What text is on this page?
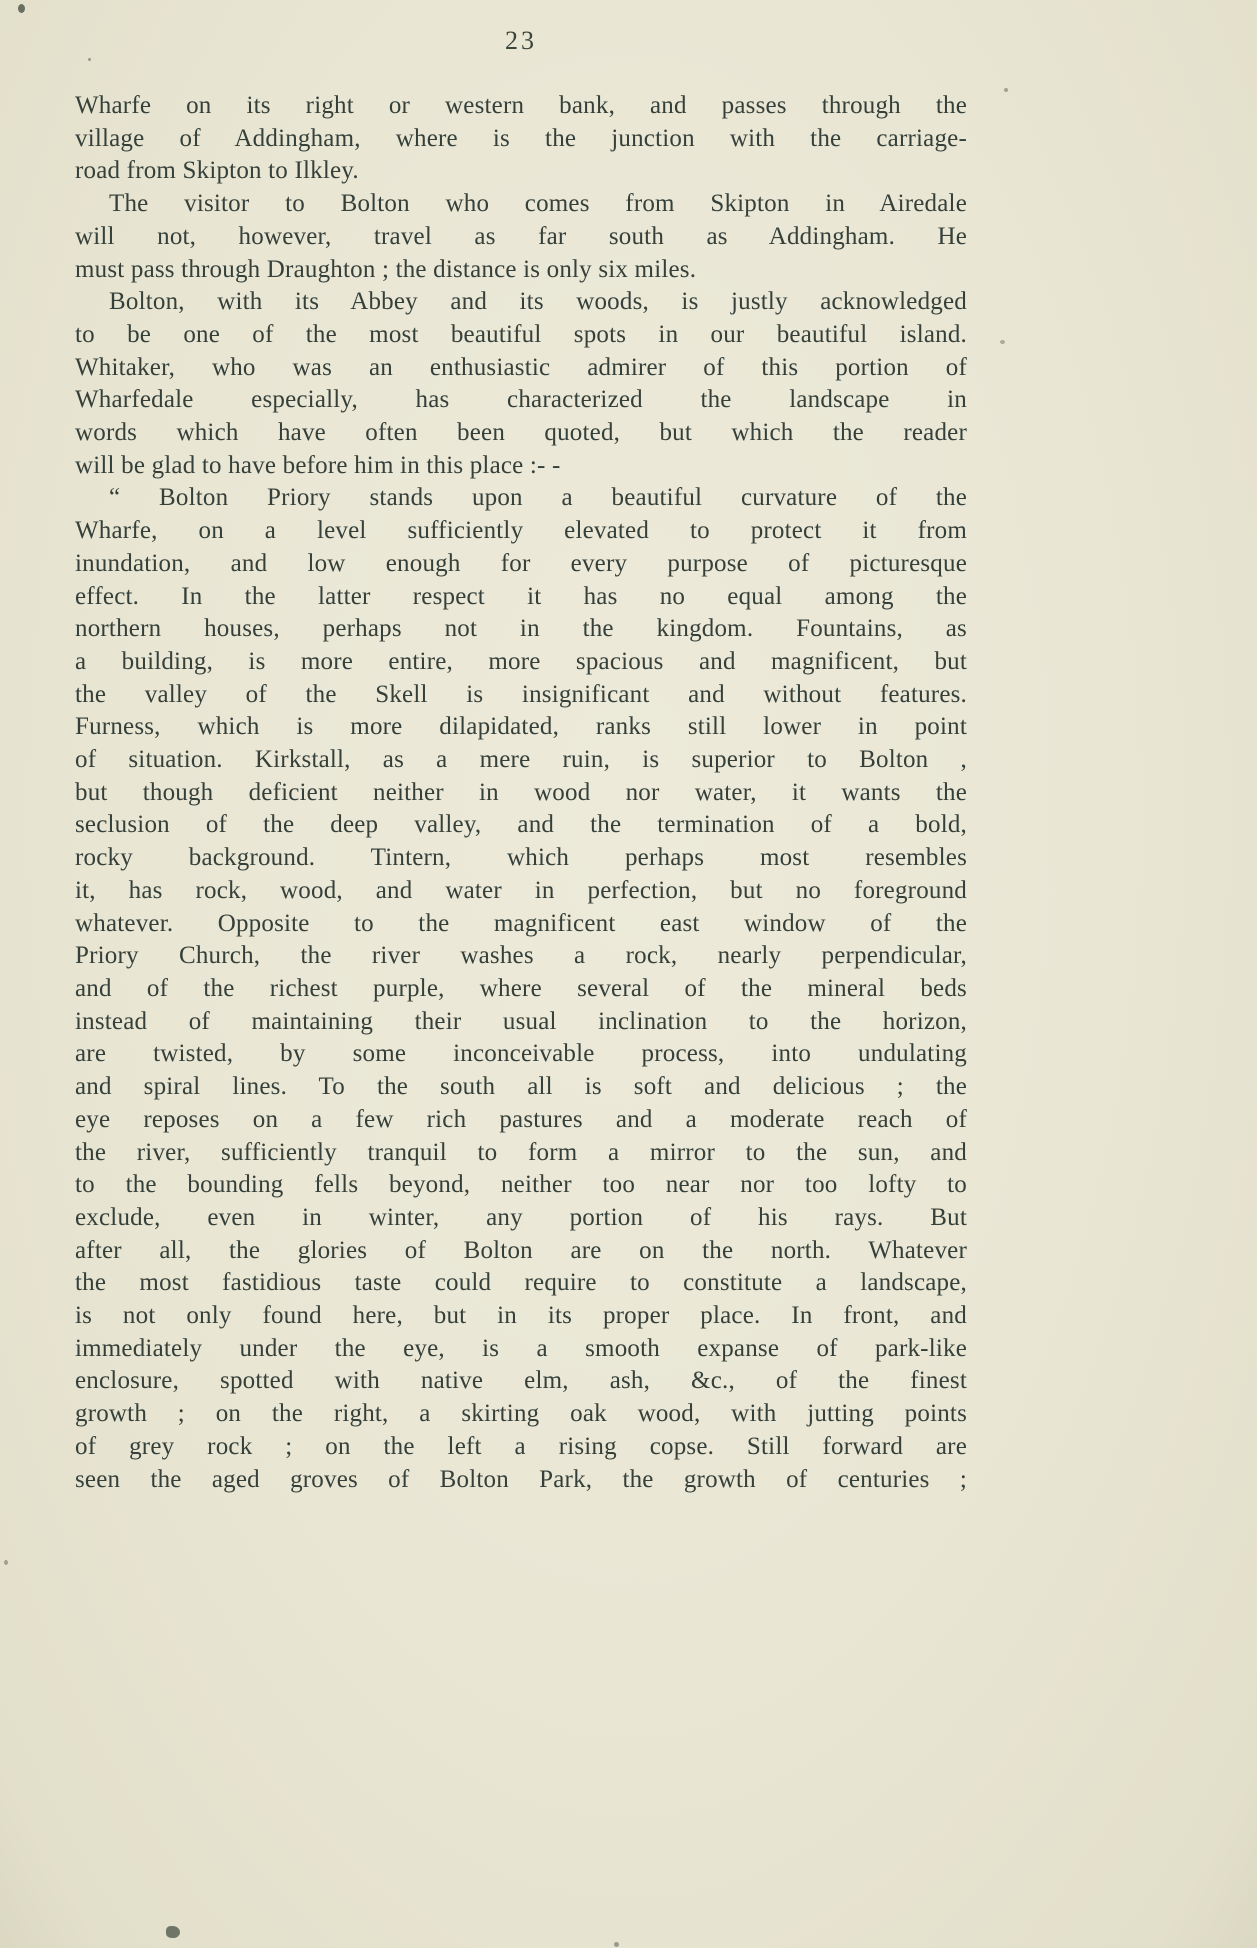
23
Wharfe on its right or western bank, and passes through the
village of Addingham, where is the junction with the carriage-
road from Skipton to Ilkley.
The visitor to Bolton who comes from Skipton in Airedale
will not, however, travel as far south as Addingham. He
must pass through Draughton ; the distance is only six miles.
Bolton, with its Abbey and its woods, is justly acknowledged
to be one of the most beautiful spots in our beautiful island.
Whitaker, who was an enthusiastic admirer of this portion of
Wharfedale especially, has characterized the landscape in
words which have often been quoted, but which the reader
will be glad to have before him in this place :- -
“ Bolton Priory stands upon a beautiful curvature of the
Wharfe, on a level sufficiently elevated to protect it from
inundation, and low enough for every purpose of picturesque
effect. In the latter respect it has no equal among the
northern houses, perhaps not in the kingdom. Fountains, as
a building, is more entire, more spacious and magnificent, but
the valley of the Skell is insignificant and without features.
Furness, which is more dilapidated, ranks still lower in point
of situation. Kirkstall, as a mere ruin, is superior to Bolton ,
but though deficient neither in wood nor water, it wants the
seclusion of the deep valley, and the termination of a bold,
rocky background. Tintern, which perhaps most resembles
it, has rock, wood, and water in perfection, but no foreground
whatever. Opposite to the magnificent east window of the
Priory Church, the river washes a rock, nearly perpendicular,
and of the richest purple, where several of the mineral beds
instead of maintaining their usual inclination to the horizon,
are twisted, by some inconceivable process, into undulating
and spiral lines. To the south all is soft and delicious ; the
eye reposes on a few rich pastures and a moderate reach of
the river, sufficiently tranquil to form a mirror to the sun, and
to the bounding fells beyond, neither too near nor too lofty to
exclude, even in winter, any portion of his rays. But
after all, the glories of Bolton are on the north. Whatever
the most fastidious taste could require to constitute a landscape,
is not only found here, but in its proper place. In front, and
immediately under the eye, is a smooth expanse of park-like
enclosure, spotted with native elm, ash, &c., of the finest
growth ; on the right, a skirting oak wood, with jutting points
of grey rock ; on the left a rising copse. Still forward are
seen the aged groves of Bolton Park, the growth of centuries ;
